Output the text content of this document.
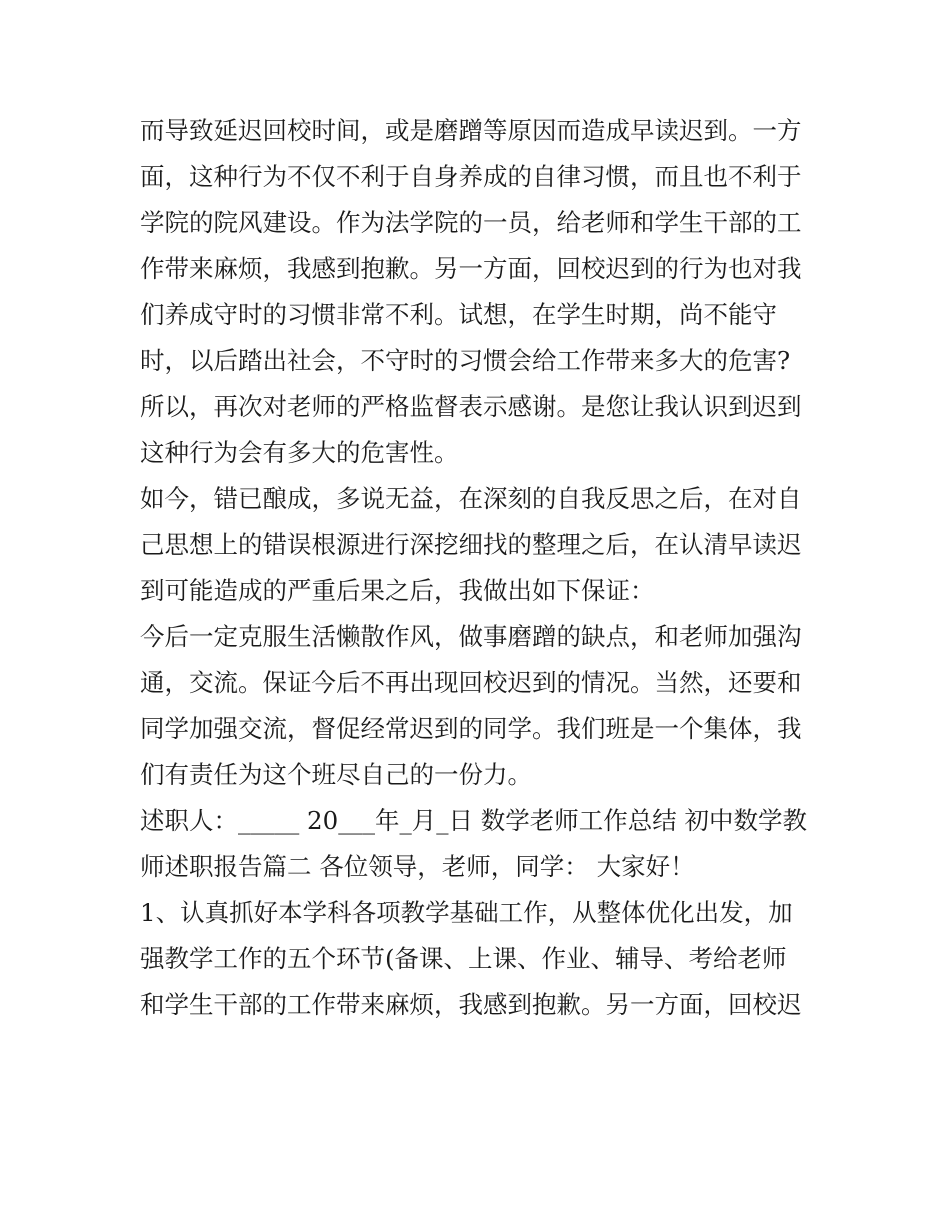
而导致延迟回校时间，或是磨蹭等原因而造成早读迟到。一方
面，这种行为不仅不利于自身养成的自律习惯，而且也不利于
学院的院风建设。作为法学院的一员，给老师和学生干部的工
作带来麻烦，我感到抱歉。另一方面，回校迟到的行为也对我
们养成守时的习惯非常不利。试想，在学生时期，尚不能守
时，以后踏出社会，不守时的习惯会给工作带来多大的危害?
所以，再次对老师的严格监督表示感谢。是您让我认识到迟到
这种行为会有多大的危害性。
如今，错已酿成，多说无益，在深刻的自我反思之后，在对自
己思想上的错误根源进行深挖细找的整理之后，在认清早读迟
到可能造成的严重后果之后，我做出如下保证：
今后一定克服生活懒散作风，做事磨蹭的缺点，和老师加强沟
通，交流。保证今后不再出现回校迟到的情况。当然，还要和
同学加强交流，督促经常迟到的同学。我们班是一个集体，我
们有责任为这个班尽自己的一份力。
述职人：_____ 20___年_月_日 数学老师工作总结 初中数学教
师述职报告篇二 各位领导，老师，同学： 大家好！
1、认真抓好本学科各项教学基础工作，从整体优化出发，加
强教学工作的五个环节(备课、上课、作业、辅导、考给老师
和学生干部的工作带来麻烦，我感到抱歉。另一方面，回校迟
